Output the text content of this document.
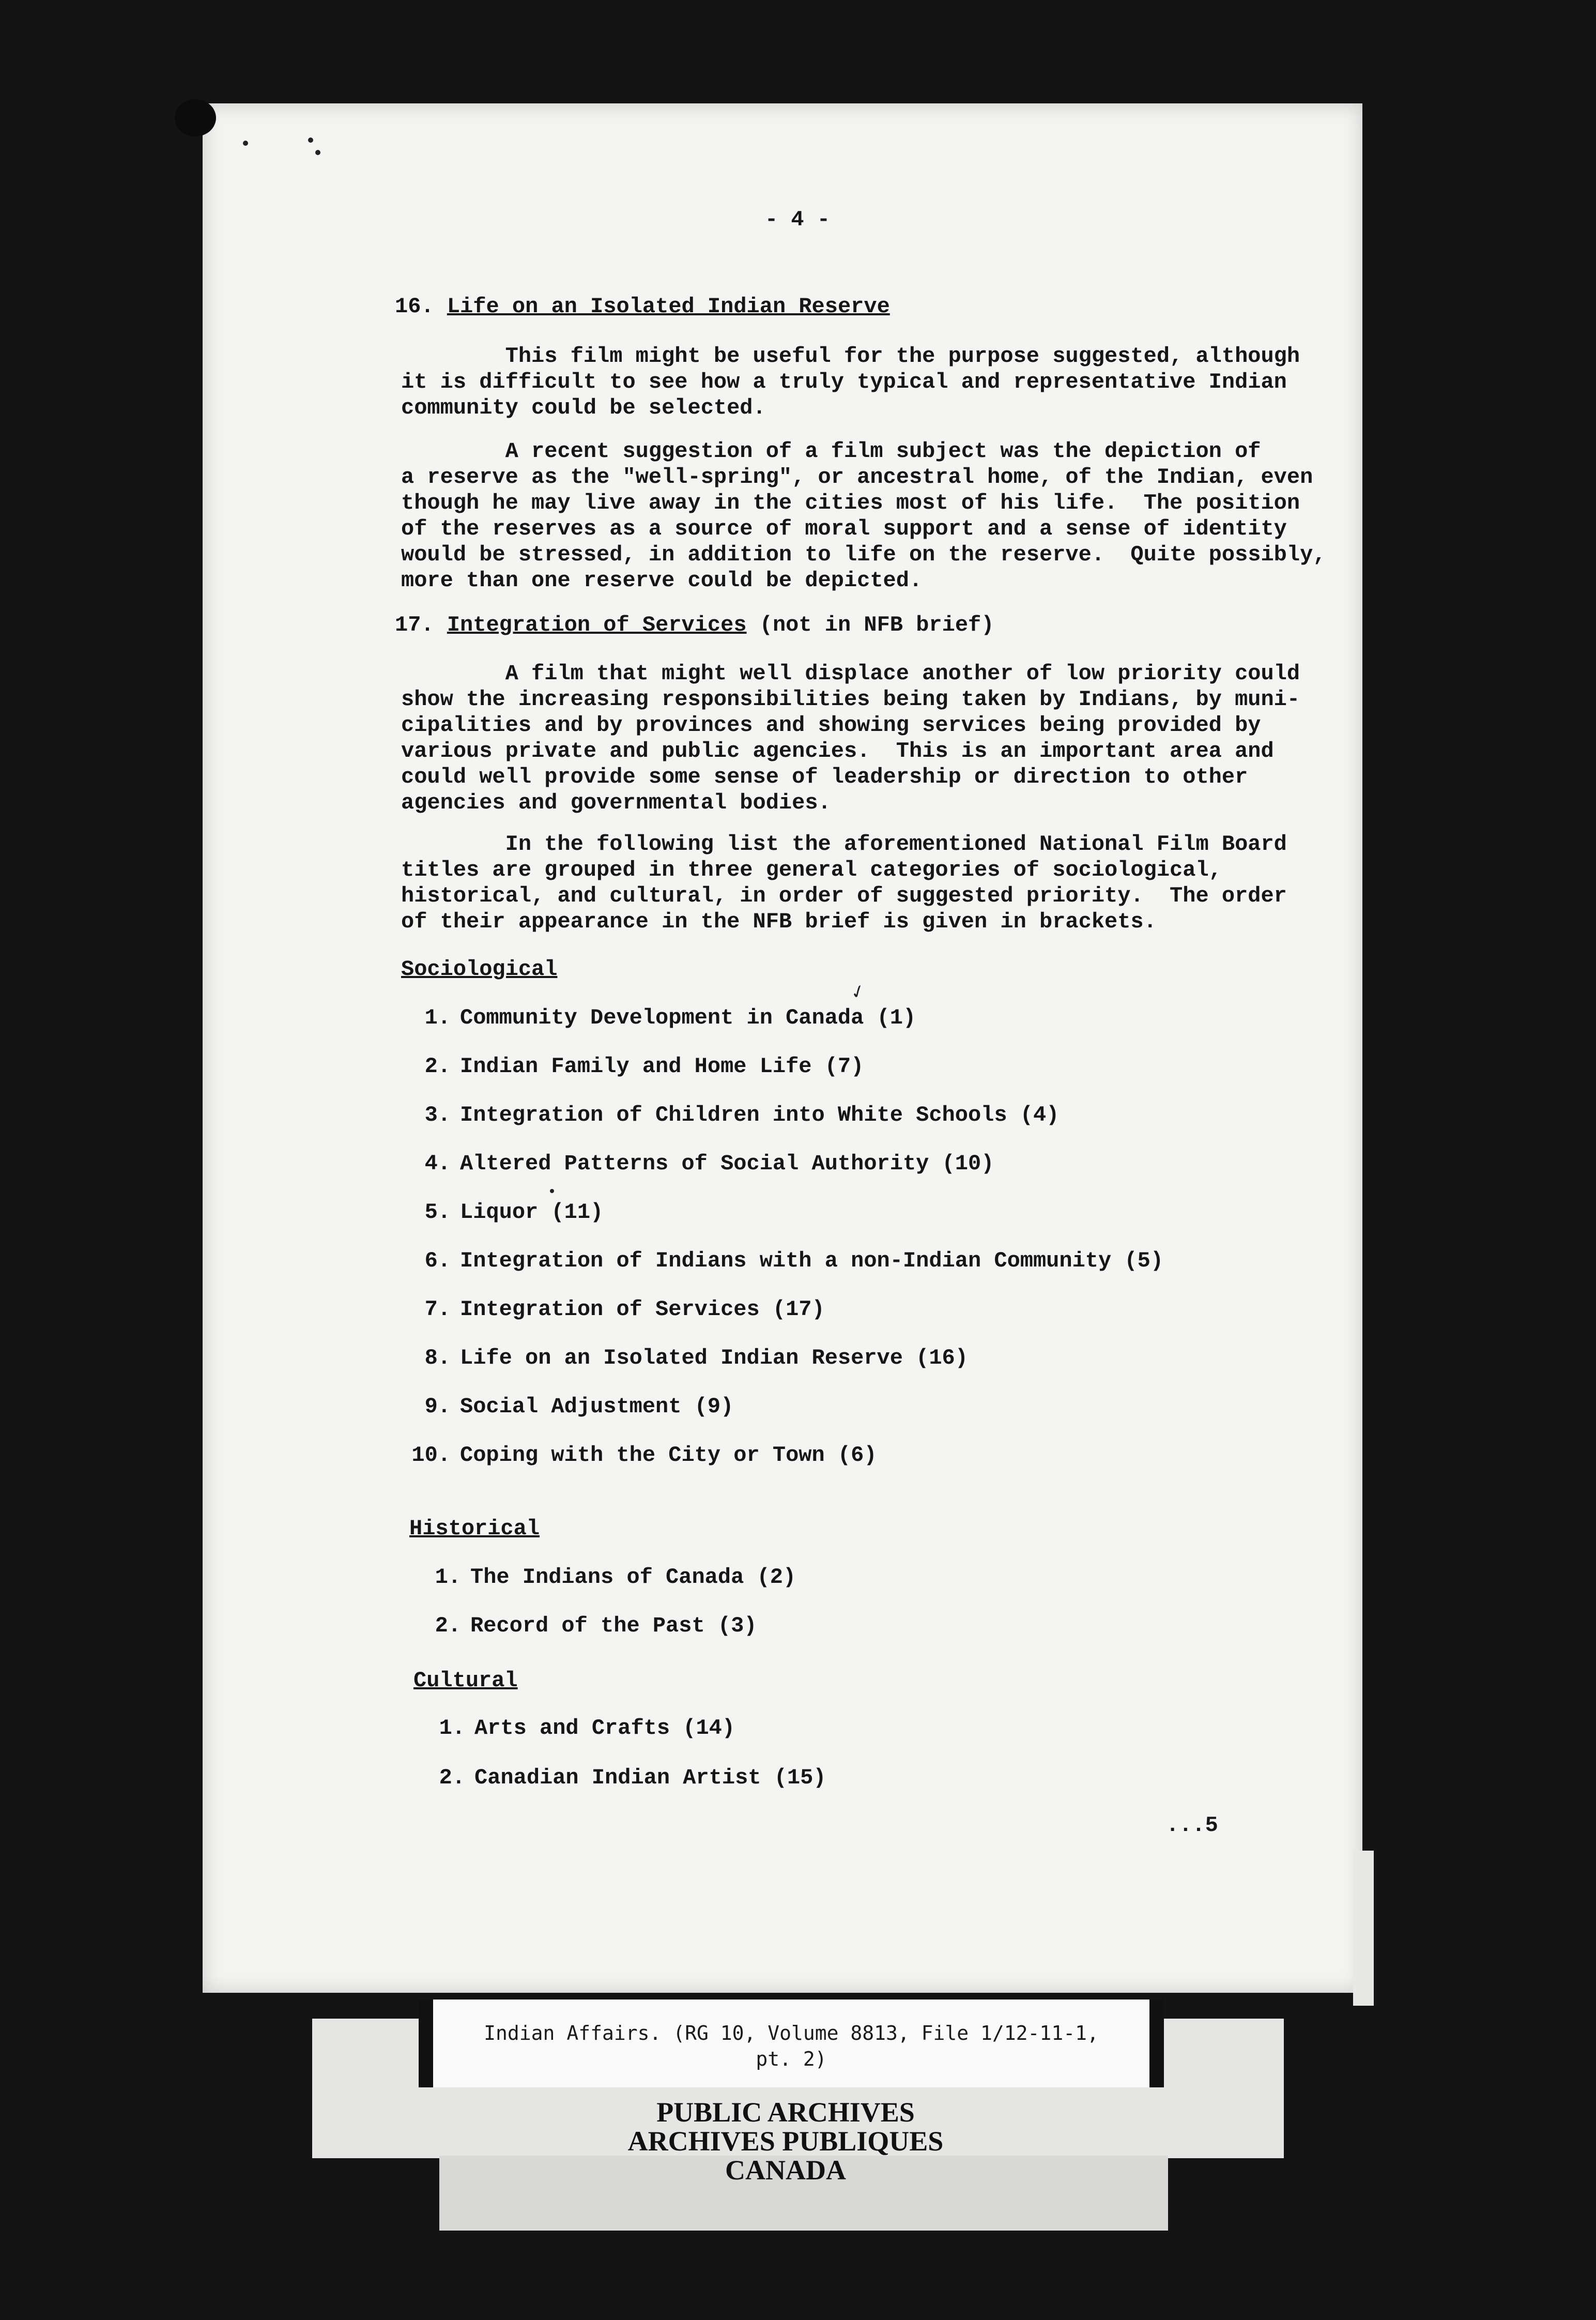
- 4 -
16. Life on an Isolated Indian Reserve
This film might be useful for the purpose suggested, although
it is difficult to see how a truly typical and representative Indian
community could be selected.
A recent suggestion of a film subject was the depiction of
a reserve as the "well-spring", or ancestral home, of the Indian, even
though he may live away in the cities most of his life.  The position
of the reserves as a source of moral support and a sense of identity
would be stressed, in addition to life on the reserve.  Quite possibly,
more than one reserve could be depicted.
17. Integration of Services (not in NFB brief)
A film that might well displace another of low priority could
show the increasing responsibilities being taken by Indians, by muni-
cipalities and by provinces and showing services being provided by
various private and public agencies.  This is an important area and
could well provide some sense of leadership or direction to other
agencies and governmental bodies.
In the following list the aforementioned National Film Board
titles are grouped in three general categories of sociological,
historical, and cultural, in order of suggested priority.  The order
of their appearance in the NFB brief is given in brackets.
Sociological
✓
1. Community Development in Canada (1)
2. Indian Family and Home Life (7)
3. Integration of Children into White Schools (4)
4. Altered Patterns of Social Authority (10)
5. Liquor (11)
6. Integration of Indians with a non-Indian Community (5)
7. Integration of Services (17)
8. Life on an Isolated Indian Reserve (16)
9. Social Adjustment (9)
10. Coping with the City or Town (6)
Historical
1. The Indians of Canada (2)
2. Record of the Past (3)
Cultural
1. Arts and Crafts (14)
2. Canadian Indian Artist (15)
...5
Indian Affairs. (RG 10, Volume 8813, File 1/12-11-1,
pt. 2)
PUBLIC ARCHIVES
ARCHIVES PUBLIQUES
CANADA
